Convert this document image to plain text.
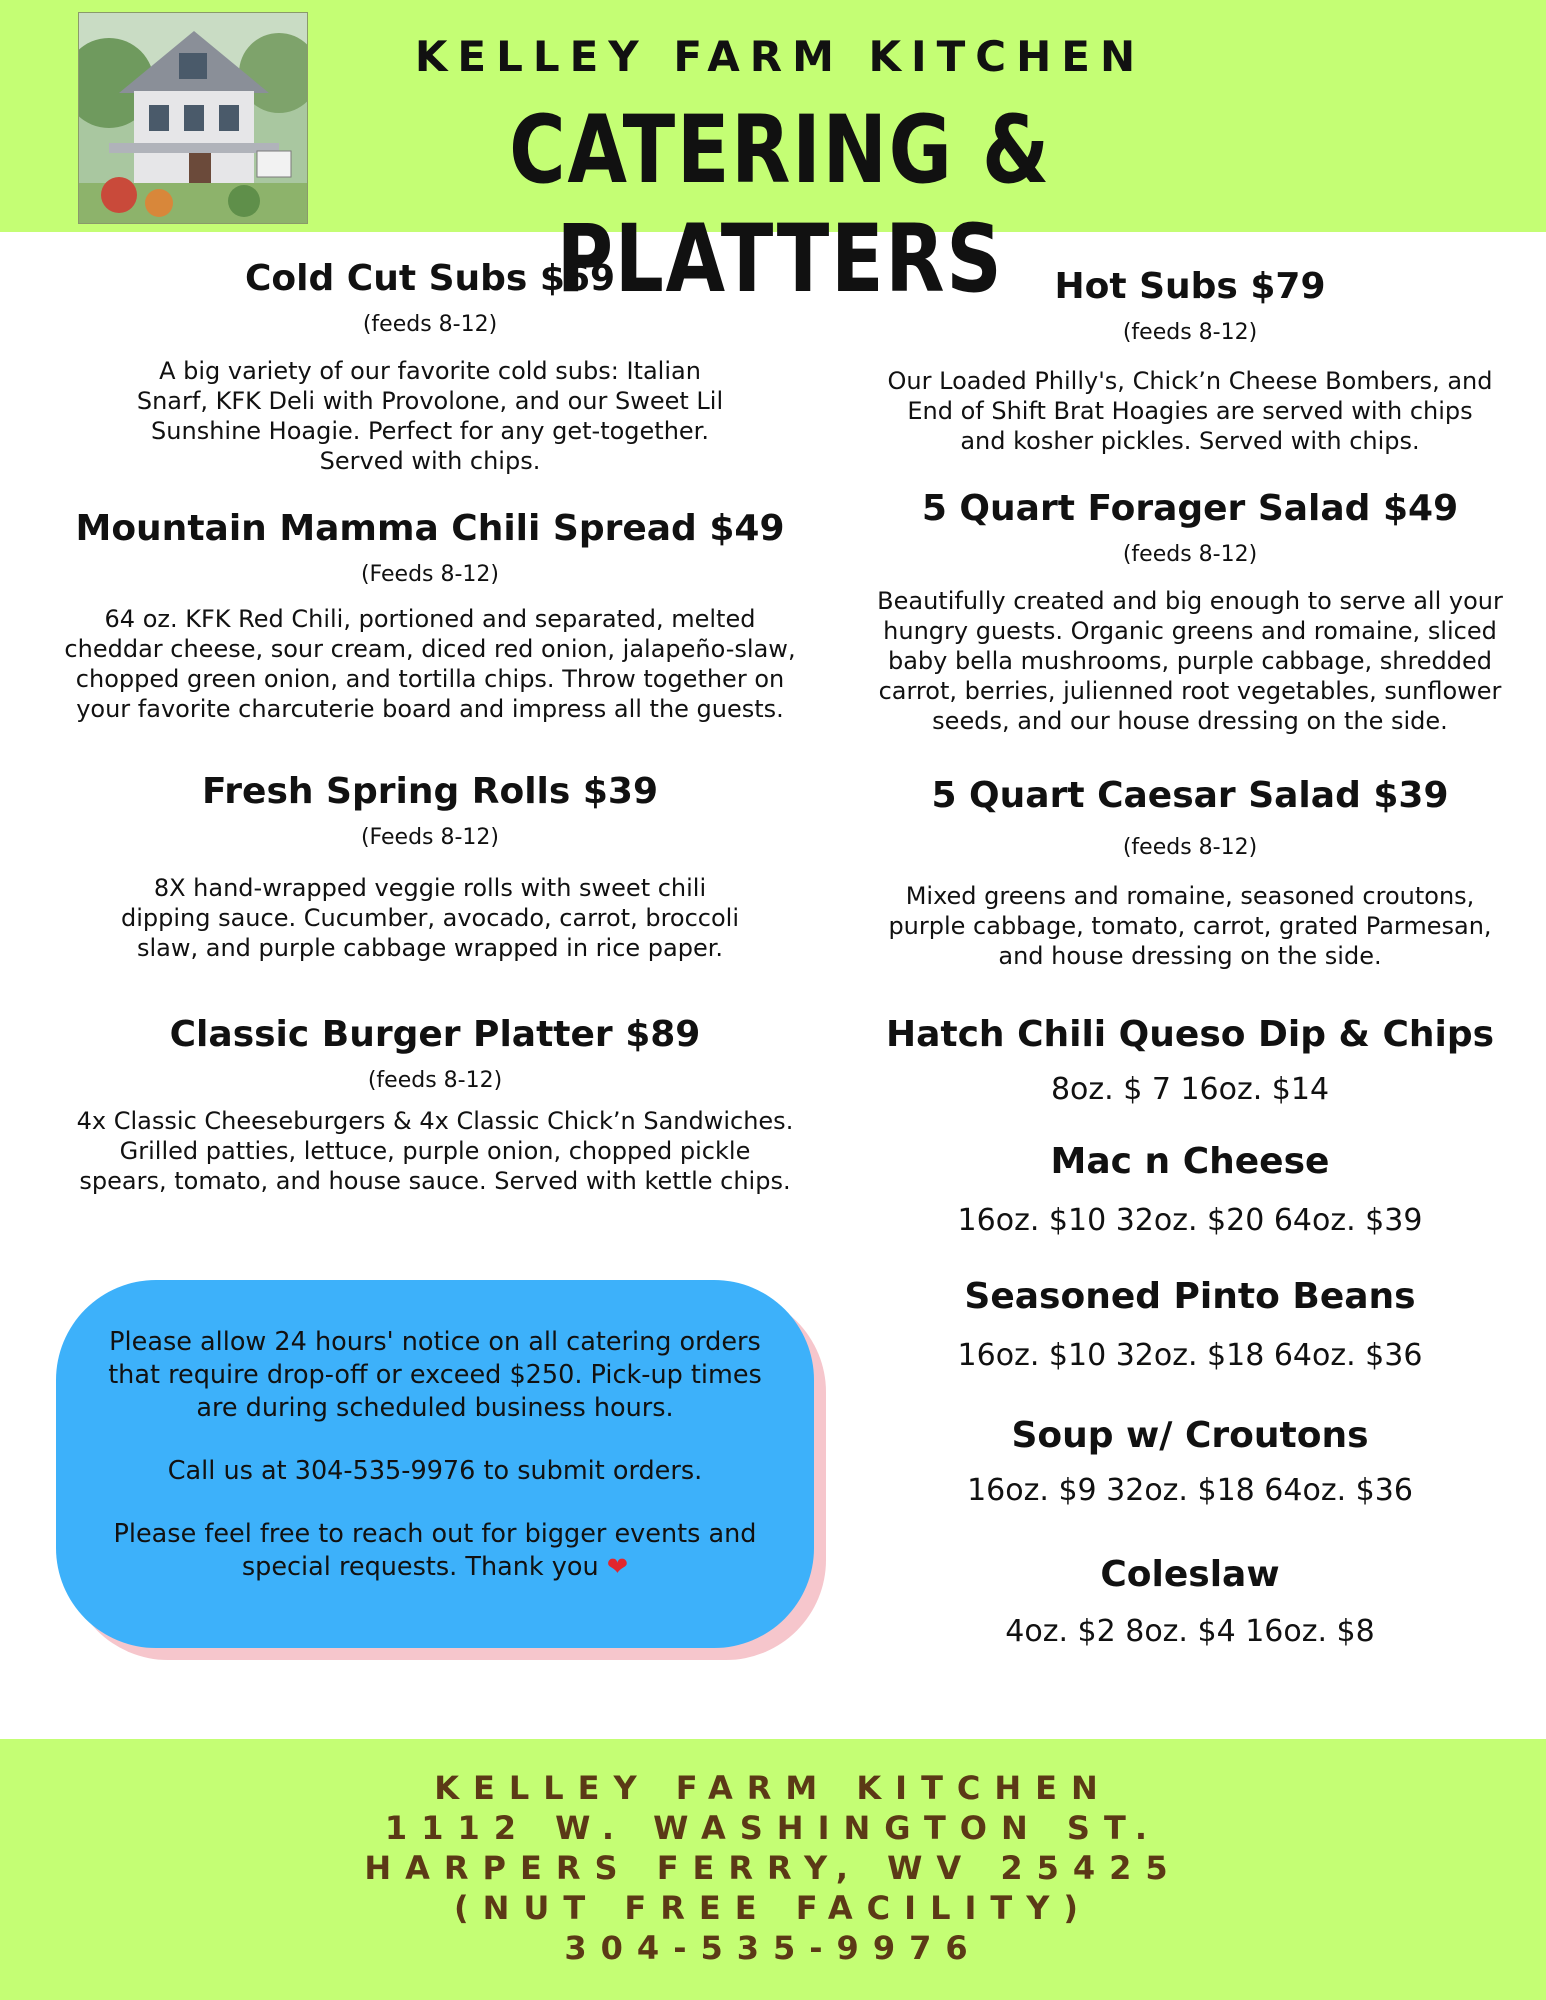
KELLEY FARM KITCHEN
CATERING & PLATTERS
Cold Cut Subs $69
(feeds 8-12)
A big variety of our favorite cold subs: Italian
Snarf, KFK Deli with Provolone, and our Sweet Lil
Sunshine Hoagie. Perfect for any get-together.
Served with chips.
Mountain Mamma Chili Spread $49
(Feeds 8-12)
64 oz. KFK Red Chili, portioned and separated, melted
cheddar cheese, sour cream, diced red onion, jalapeño-slaw,
chopped green onion, and tortilla chips. Throw together on
your favorite charcuterie board and impress all the guests.
Fresh Spring Rolls $39
(Feeds 8-12)
8X hand-wrapped veggie rolls with sweet chili
dipping sauce. Cucumber, avocado, carrot, broccoli
slaw, and purple cabbage wrapped in rice paper.
Classic Burger Platter $89
(feeds 8-12)
4x Classic Cheeseburgers & 4x Classic Chick’n Sandwiches.
Grilled patties, lettuce, purple onion, chopped pickle
spears, tomato, and house sauce. Served with kettle chips.

Please allow 24 hours' notice on all catering orders that require drop-off or exceed $250. Pick-up times are during scheduled business hours.

Call us at 304-535-9976 to submit orders.

Please feel free to reach out for bigger events and special requests. Thank you ❤

Hot Subs $79
(feeds 8-12)
Our Loaded Philly's, Chick’n Cheese Bombers, and
End of Shift Brat Hoagies are served with chips
and kosher pickles. Served with chips.
5 Quart Forager Salad $49
(feeds 8-12)
Beautifully created and big enough to serve all your
hungry guests. Organic greens and romaine, sliced
baby bella mushrooms, purple cabbage, shredded
carrot, berries, julienned root vegetables, sunflower
seeds, and our house dressing on the side.
5 Quart Caesar Salad $39
(feeds 8-12)
Mixed greens and romaine, seasoned croutons,
purple cabbage, tomato, carrot, grated Parmesan,
and house dressing on the side.
Hatch Chili Queso Dip & Chips
8oz. $ 7 16oz. $14
Mac n Cheese
16oz. $10 32oz. $20 64oz. $39
Seasoned Pinto Beans
16oz. $10 32oz. $18 64oz. $36
Soup w/ Croutons
16oz. $9 32oz. $18 64oz. $36
Coleslaw
4oz. $2 8oz. $4 16oz. $8
KELLEY FARM KITCHEN
1112 W. WASHINGTON ST.
HARPERS FERRY, WV 25425
(NUT FREE FACILITY)
304-535-9976
